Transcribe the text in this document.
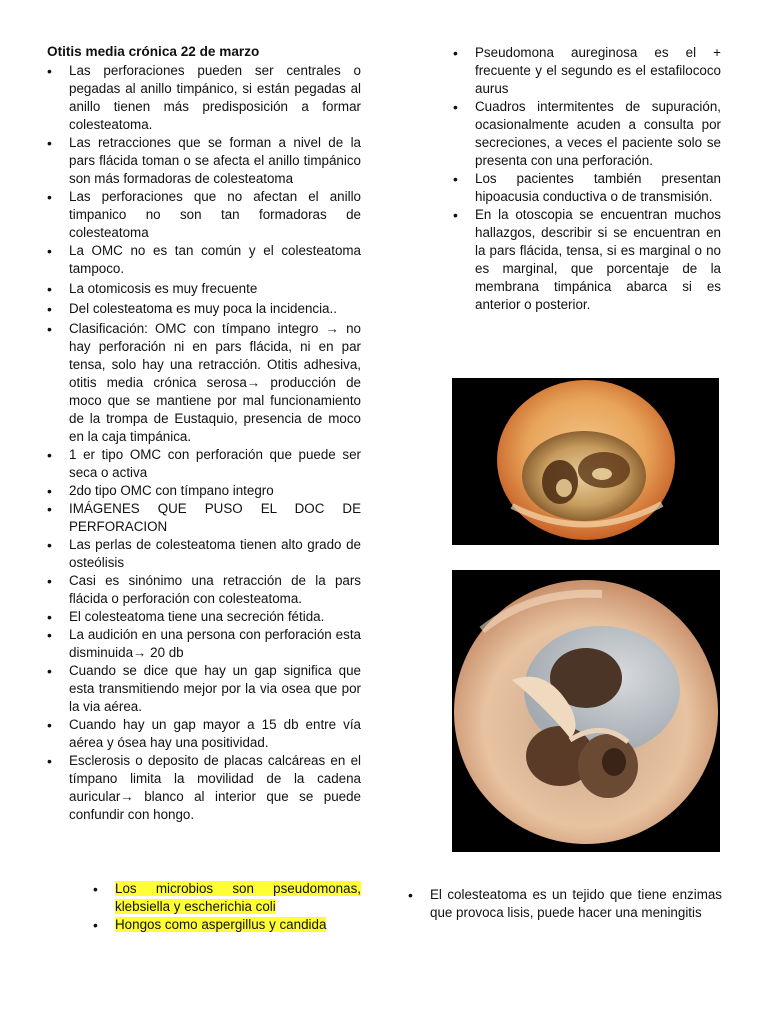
Otitis media crónica 22 de marzo
• Las perforaciones pueden ser centrales o pegadas al anillo timpánico, si están pegadas al anillo tienen más predisposición a formar colesteatoma.
• Las retracciones que se forman a nivel de la pars flácida toman o se afecta el anillo timpánico son más formadoras de colesteatoma
• Las perforaciones que no afectan el anillo timpanico no son tan formadoras de colesteatoma
• La OMC no es tan común y el colesteatoma tampoco.
• La otomicosis es muy frecuente
• Del colesteatoma es muy poca la incidencia..
• Clasificación: OMC con tímpano integro → no hay perforación ni en pars flácida, ni en par tensa, solo hay una retracción. Otitis adhesiva, otitis media crónica serosa→ producción de moco que se mantiene por mal funcionamiento de la trompa de Eustaquio, presencia de moco en la caja timpánica.
• 1 er tipo OMC con perforación que puede ser seca o activa
• 2do tipo OMC con tímpano integro
• IMÁGENES QUE PUSO EL DOC DE PERFORACION
• Las perlas de colesteatoma tienen alto grado de osteólisis
• Casi es sinónimo una retracción de la pars flácida o perforación con colesteatoma.
• El colesteatoma tiene una secreción fétida.
• La audición en una persona con perforación esta disminuida→ 20 db
• Cuando se dice que hay un gap significa que esta transmitiendo mejor por la via osea que por la via aérea.
• Cuando hay un gap mayor a 15 db entre vía aérea y ósea hay una positividad.
• Esclerosis o deposito de placas calcáreas en el tímpano limita la movilidad de la cadena auricular→ blanco al interior que se puede confundir con hongo.
• Los microbios son pseudomonas, klebsiella y escherichia coli
• Hongos como aspergillus y candida
• Pseudomona aureginosa es el + frecuente y el segundo es el estafilococo aurus
• Cuadros intermitentes de supuración, ocasionalmente acuden a consulta por secreciones, a veces el paciente solo se presenta con una perforación.
• Los pacientes también presentan hipoacusia conductiva o de transmisión.
• En la otoscopia se encuentran muchos hallazgos, describir si se encuentran en la pars flácida, tensa, si es marginal o no es marginal, que porcentaje de la membrana timpánica abarca si es anterior o posterior.
• El colesteatoma es un tejido que tiene enzimas que provoca lisis, puede hacer una meningitis
